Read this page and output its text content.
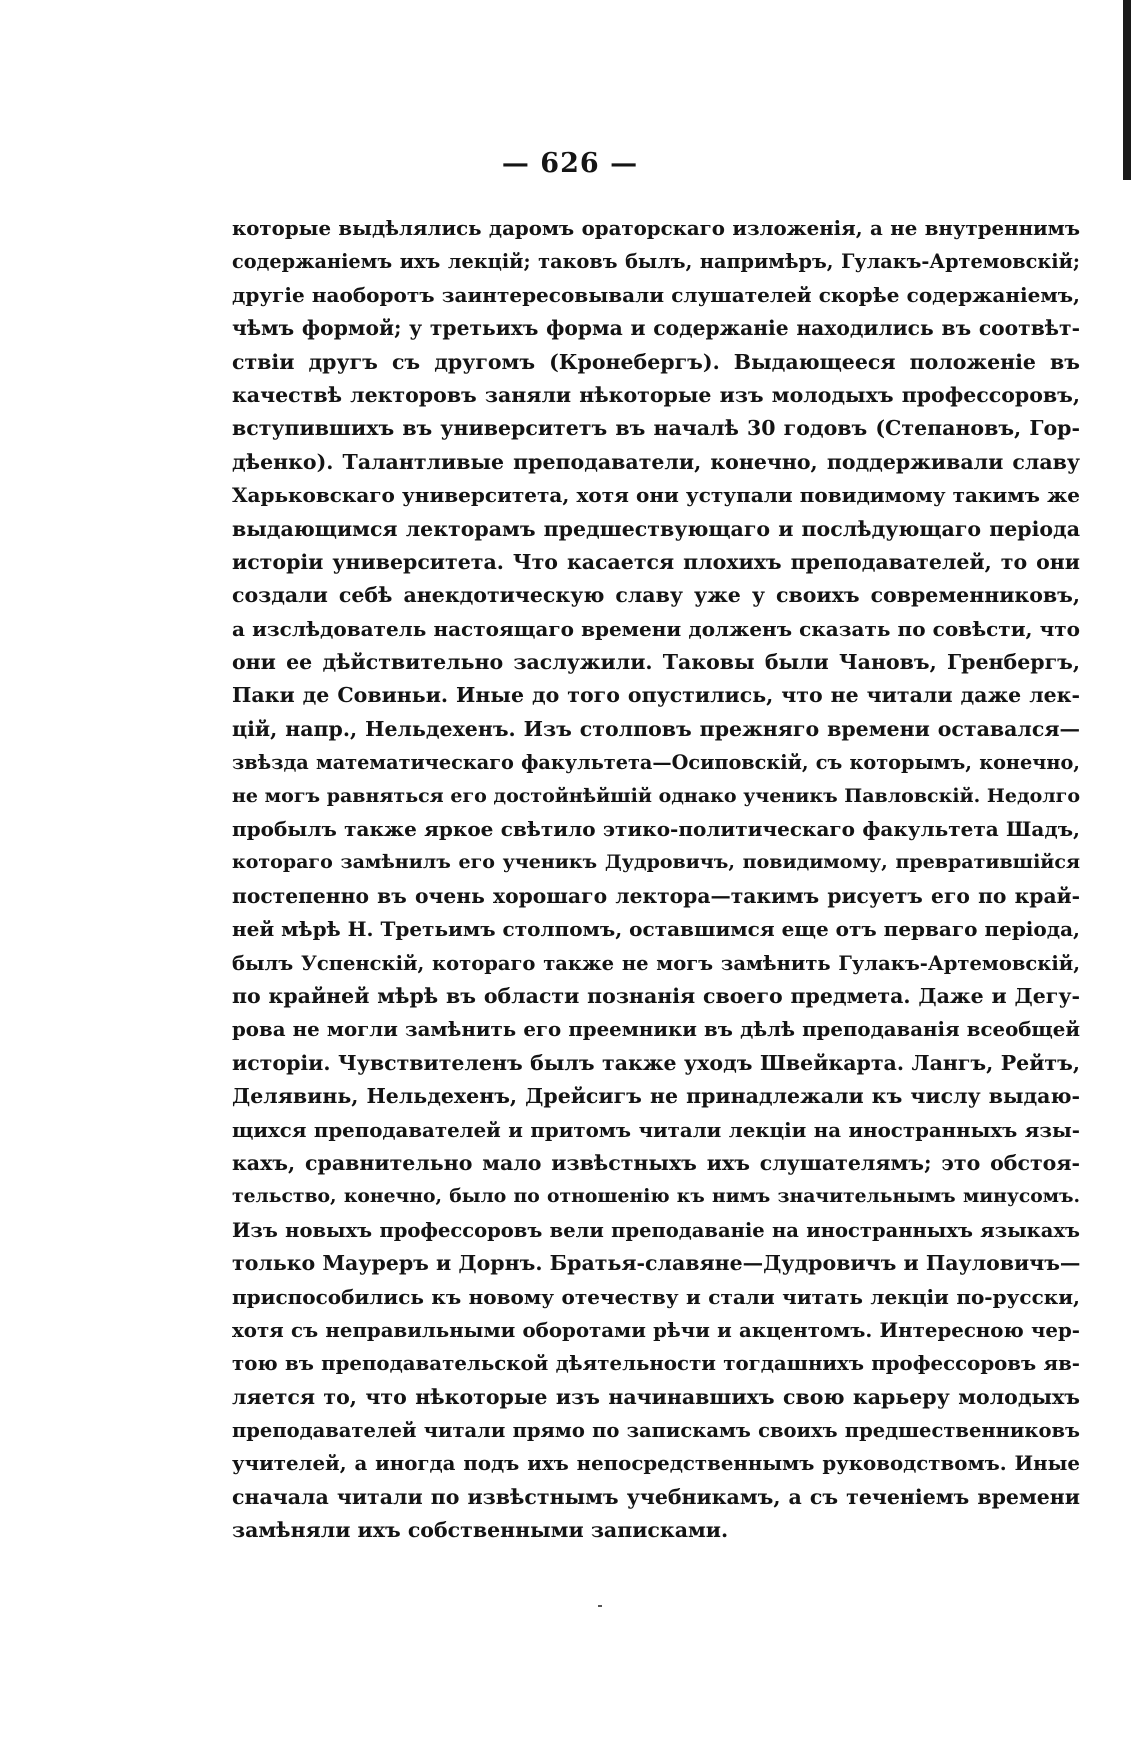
— 626 —
которые выдѣлялись даромъ ораторскаго изложенія, а не внутреннимъ
содержаніемъ ихъ лекцій; таковъ былъ, напримѣръ, Гулакъ-Артемовскій;
другіе наоборотъ заинтересовывали слушателей скорѣе содержаніемъ,
чѣмъ формой; у третьихъ форма и содержаніе находились въ соотвѣт-
ствіи другъ съ другомъ (Кронебергъ). Выдающееся положеніе въ
качествѣ лекторовъ заняли нѣкоторые изъ молодыхъ профессоровъ,
вступившихъ въ университетъ въ началѣ 30 годовъ (Степановъ, Гор-
дѣенко). Талантливые преподаватели, конечно, поддерживали славу
Харьковскаго университета, хотя они уступали повидимому такимъ же
выдающимся лекторамъ предшествующаго и послѣдующаго періода
исторіи университета. Что касается плохихъ преподавателей, то они
создали себѣ анекдотическую славу уже у своихъ современниковъ,
а изслѣдователь настоящаго времени долженъ сказать по совѣсти, что
они ее дѣйствительно заслужили. Таковы были Чановъ, Гренбергъ,
Паки де Совиньи. Иные до того опустились, что не читали даже лек-
цій, напр., Нельдехенъ. Изъ столповъ прежняго времени оставался—
звѣзда математическаго факультета—Осиповскій, съ которымъ, конечно,
не могъ равняться его достойнѣйшій однако ученикъ Павловскій. Недолго
пробылъ также яркое свѣтило этико-политическаго факультета Шадъ,
котораго замѣнилъ его ученикъ Дудровичъ, повидимому, превратившійся
постепенно въ очень хорошаго лектора—такимъ рисуетъ его по край-
ней мѣрѣ Н. Третьимъ столпомъ, оставшимся еще отъ перваго періода,
былъ Успенскій, котораго также не могъ замѣнить Гулакъ-Артемовскій,
по крайней мѣрѣ въ области познанія своего предмета. Даже и Дегу-
рова не могли замѣнить его преемники въ дѣлѣ преподаванія всеобщей
исторіи. Чувствителенъ былъ также уходъ Швейкарта. Лангъ, Рейтъ,
Делявинь, Нельдехенъ, Дрейсигъ не принадлежали къ числу выдаю-
щихся преподавателей и притомъ читали лекціи на иностранныхъ язы-
кахъ, сравнительно мало извѣстныхъ ихъ слушателямъ; это обстоя-
тельство, конечно, было по отношенію къ нимъ значительнымъ минусомъ.
Изъ новыхъ профессоровъ вели преподаваніе на иностранныхъ языкахъ
только Мауреръ и Дорнъ. Братья-славяне—Дудровичъ и Пауловичъ—
приспособились къ новому отечеству и стали читать лекціи по-русски,
хотя съ неправильными оборотами рѣчи и акцентомъ. Интересною чер-
тою въ преподавательской дѣятельности тогдашнихъ профессоровъ яв-
ляется то, что нѣкоторые изъ начинавшихъ свою карьеру молодыхъ
преподавателей читали прямо по запискамъ своихъ предшественниковъ
учителей, а иногда подъ ихъ непосредственнымъ руководствомъ. Иные
сначала читали по извѣстнымъ учебникамъ, а съ теченіемъ времени
замѣняли ихъ собственными записками.
